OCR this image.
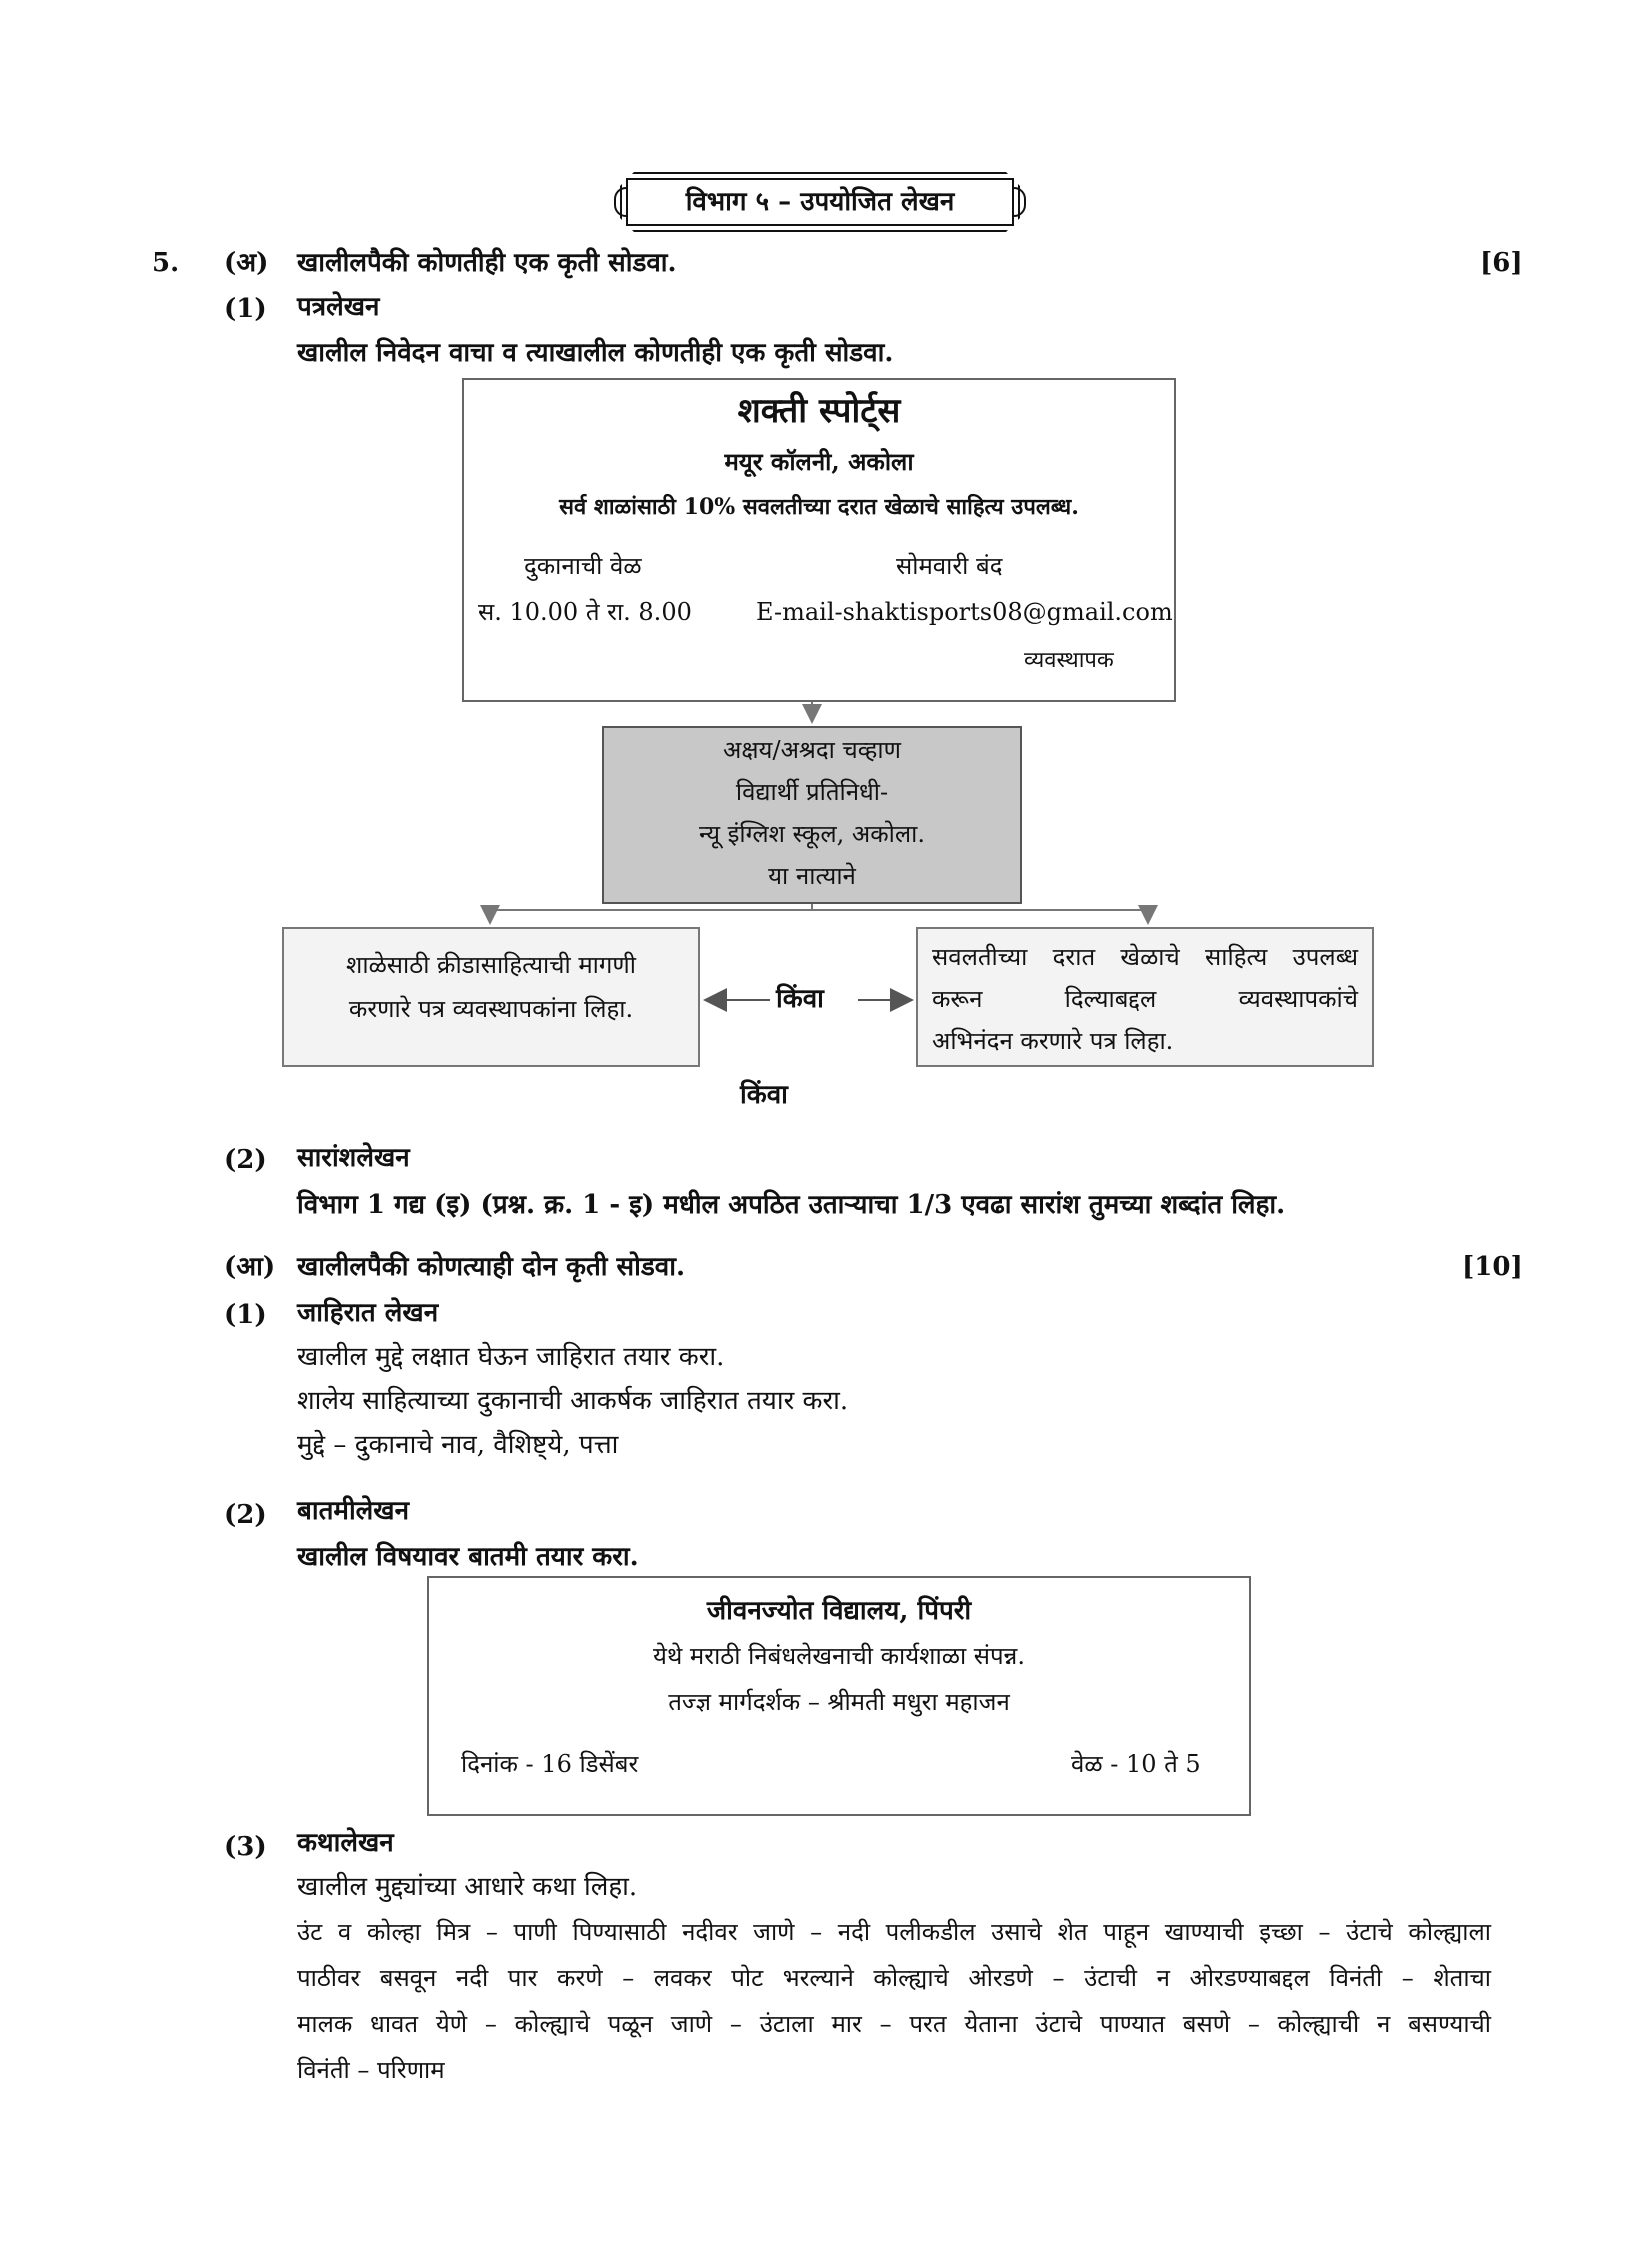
विभाग ५ – उपयोजित लेखन
5. (अ) खालीलपैकी कोणतीही एक कृती सोडवा.	[6]
(1) पत्रलेखन
खालील निवेदन वाचा व त्याखालील कोणतीही एक कृती सोडवा.
शक्ती स्पोर्ट्स
मयूर कॉलनी, अकोला
सर्व शाळांसाठी 10% सवलतीच्या दरात खेळाचे साहित्य उपलब्ध.
दुकानाची वेळ	सोमवारी बंद
स. 10.00 ते रा. 8.00	E-mail-shaktisports08@gmail.com
व्यवस्थापक
अक्षय/अश्रदा चव्हाण
विद्यार्थी प्रतिनिधी-
न्यू इंग्लिश स्कूल, अकोला.
या नात्याने
शाळेसाठी क्रीडासाहित्याची मागणी
करणारे पत्र व्यवस्थापकांना लिहा.
सवलतीच्या दरात खेळाचे साहित्य उपलब्ध
करून दिल्याबद्दल व्यवस्थापकांचे
अभिनंदन करणारे पत्र लिहा.
किंवा
किंवा
(2) सारांशलेखन
विभाग 1 गद्य (इ) (प्रश्न. क्र. 1 - इ) मधील अपठित उताऱ्याचा 1/3 एवढा सारांश तुमच्या शब्दांत लिहा.
(आ) खालीलपैकी कोणत्याही दोन कृती सोडवा.	[10]
(1) जाहिरात लेखन
खालील मुद्दे लक्षात घेऊन जाहिरात तयार करा.
शालेय साहित्याच्या दुकानाची आकर्षक जाहिरात तयार करा.
मुद्दे – दुकानाचे नाव, वैशिष्ट्ये, पत्ता
(2) बातमीलेखन
खालील विषयावर बातमी तयार करा.
जीवनज्योत विद्यालय, पिंपरी
येथे मराठी निबंधलेखनाची कार्यशाळा संपन्न.
तज्ज्ञ मार्गदर्शक – श्रीमती मधुरा महाजन
दिनांक - 16 डिसेंबर	वेळ - 10 ते 5
(3) कथालेखन
खालील मुद्द्यांच्या आधारे कथा लिहा.
उंट व कोल्हा मित्र – पाणी पिण्यासाठी नदीवर जाणे – नदी पलीकडील उसाचे शेत पाहून खाण्याची इच्छा – उंटाचे कोल्ह्याला
पाठीवर बसवून नदी पार करणे – लवकर पोट भरल्याने कोल्ह्याचे ओरडणे – उंटाची न ओरडण्याबद्दल विनंती – शेताचा
मालक धावत येणे – कोल्ह्याचे पळून जाणे – उंटाला मार – परत येताना उंटाचे पाण्यात बसणे – कोल्ह्याची न बसण्याची
विनंती – परिणाम
